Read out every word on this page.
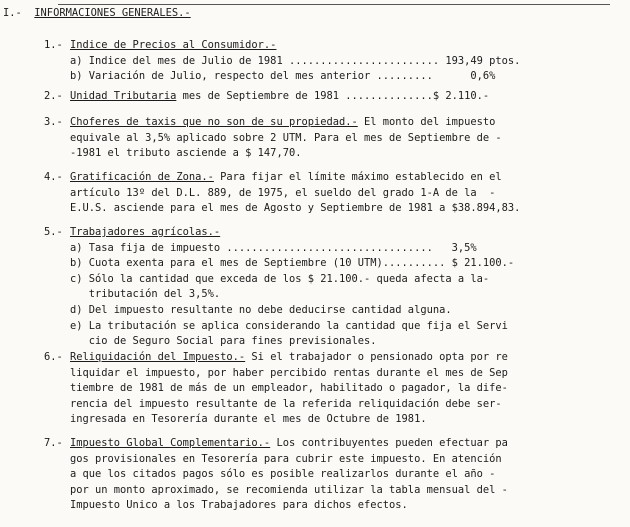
I.- INFORMACIONES GENERALES.-
1.- Indice de Precios al Consumidor.-
a) Indice del mes de Julio de 1981 ........................ 193,49 ptos.
b) Variación de Julio, respecto del mes anterior .........      0,6%
2.- Unidad Tributaria mes de Septiembre de 1981 ..............$ 2.110.-
3.- Choferes de taxis que no son de su propiedad.- El monto del impuesto
equivale al 3,5% aplicado sobre 2 UTM. Para el mes de Septiembre de -
-1981 el tributo asciende a $ 147,70.
4.- Gratificación de Zona.- Para fijar el límite máximo establecido en el
artículo 13º del D.L. 889, de 1975, el sueldo del grado 1-A de la  -
E.U.S. asciende para el mes de Agosto y Septiembre de 1981 a $38.894,83.
5.- Trabajadores agrícolas.-
a) Tasa fija de impuesto .................................   3,5%
b) Cuota exenta para el mes de Septiembre (10 UTM).......... $ 21.100.-
c) Sólo la cantidad que exceda de los $ 21.100.- queda afecta a la-
tributación del 3,5%.
d) Del impuesto resultante no debe deducirse cantidad alguna.
e) La tributación se aplica considerando la cantidad que fija el Servi
cio de Seguro Social para fines previsionales.
6.- Reliquidación del Impuesto.- Si el trabajador o pensionado opta por re
liquidar el impuesto, por haber percibido rentas durante el mes de Sep
tiembre de 1981 de más de un empleador, habilitado o pagador, la dife-
rencia del impuesto resultante de la referida reliquidación debe ser-
ingresada en Tesorería durante el mes de Octubre de 1981.
7.- Impuesto Global Complementario.- Los contribuyentes pueden efectuar pa
gos provisionales en Tesorería para cubrir este impuesto. En atención
a que los citados pagos sólo es posible realizarlos durante el año -
por un monto aproximado, se recomienda utilizar la tabla mensual del -
Impuesto Unico a los Trabajadores para dichos efectos.
